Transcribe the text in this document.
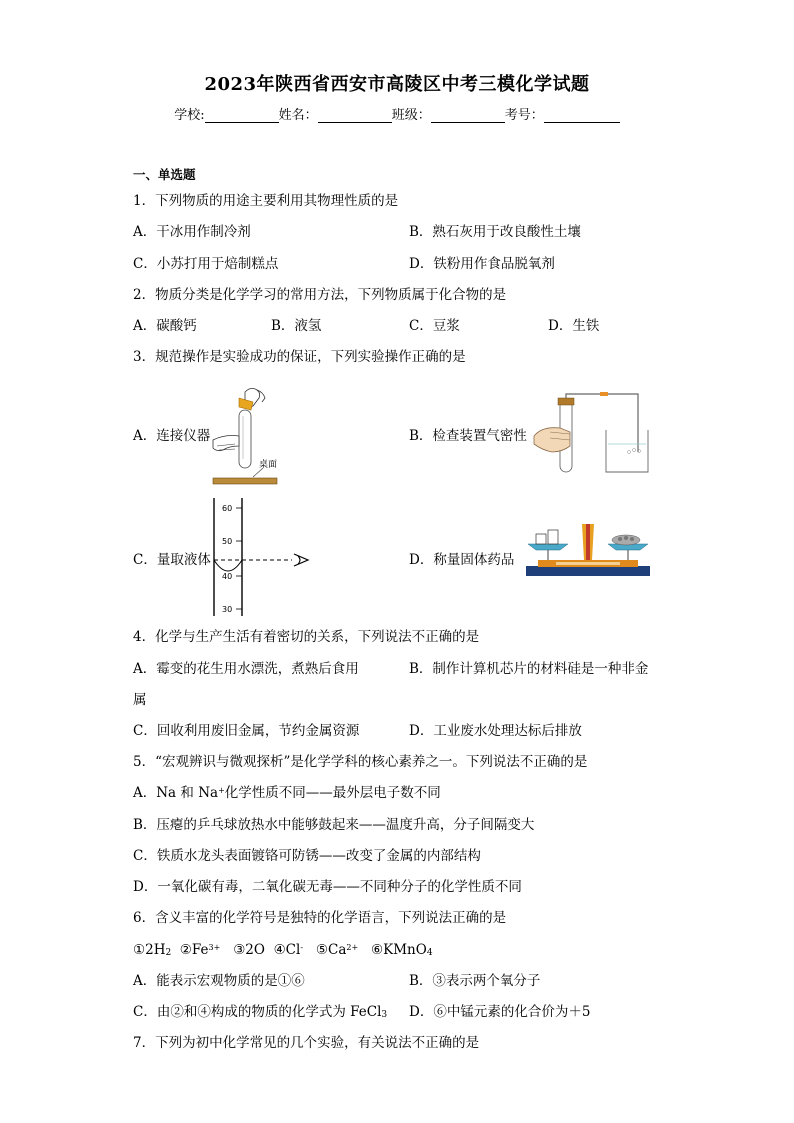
2023年陕西省西安市高陵区中考三模化学试题
学校:	姓名：	班级：	考号：
一、单选题
1．下列物质的用途主要利用其物理性质的是
A．干冰用作制冷剂	B．熟石灰用于改良酸性土壤
C．小苏打用于焙制糕点	D．铁粉用作食品脱氧剂
2．物质分类是化学学习的常用方法，下列物质属于化合物的是
A．碳酸钙	B．液氢	C．豆浆	D．生铁
3．规范操作是实验成功的保证，下列实验操作正确的是
A．连接仪器	B．检查装置气密性
C．量取液体	D．称量固体药品
桌面
60
50
40
30
4．化学与生产生活有着密切的关系，下列说法不正确的是
A．霉变的花生用水漂洗，煮熟后食用	B．制作计算机芯片的材料硅是一种非金
属
C．回收利用废旧金属，节约金属资源	D．工业废水处理达标后排放
5．“宏观辨识与微观探析”是化学学科的核心素养之一。下列说法不正确的是
A．Na 和 Na+化学性质不同——最外层电子数不同
B．压瘪的乒乓球放热水中能够鼓起来——温度升高，分子间隔变大
C．铁质水龙头表面镀铬可防锈——改变了金属的内部结构
D．一氧化碳有毒，二氧化碳无毒——不同种分子的化学性质不同
6．含义丰富的化学符号是独特的化学语言，下列说法正确的是
$①2H_2$ $②Fe^{3+}$ ③2O ④Cl- $⑤Ca^{2+}$ ⑥KMnO$_4$
A．能表示宏观物质的是①⑥	B．③表示两个氧分子
C．由②和④构成的物质的化学式为 FeCl$_3$ D．⑥中锰元素的化合价为＋5
7．下列为初中化学常见的几个实验，有关说法不正确的是
